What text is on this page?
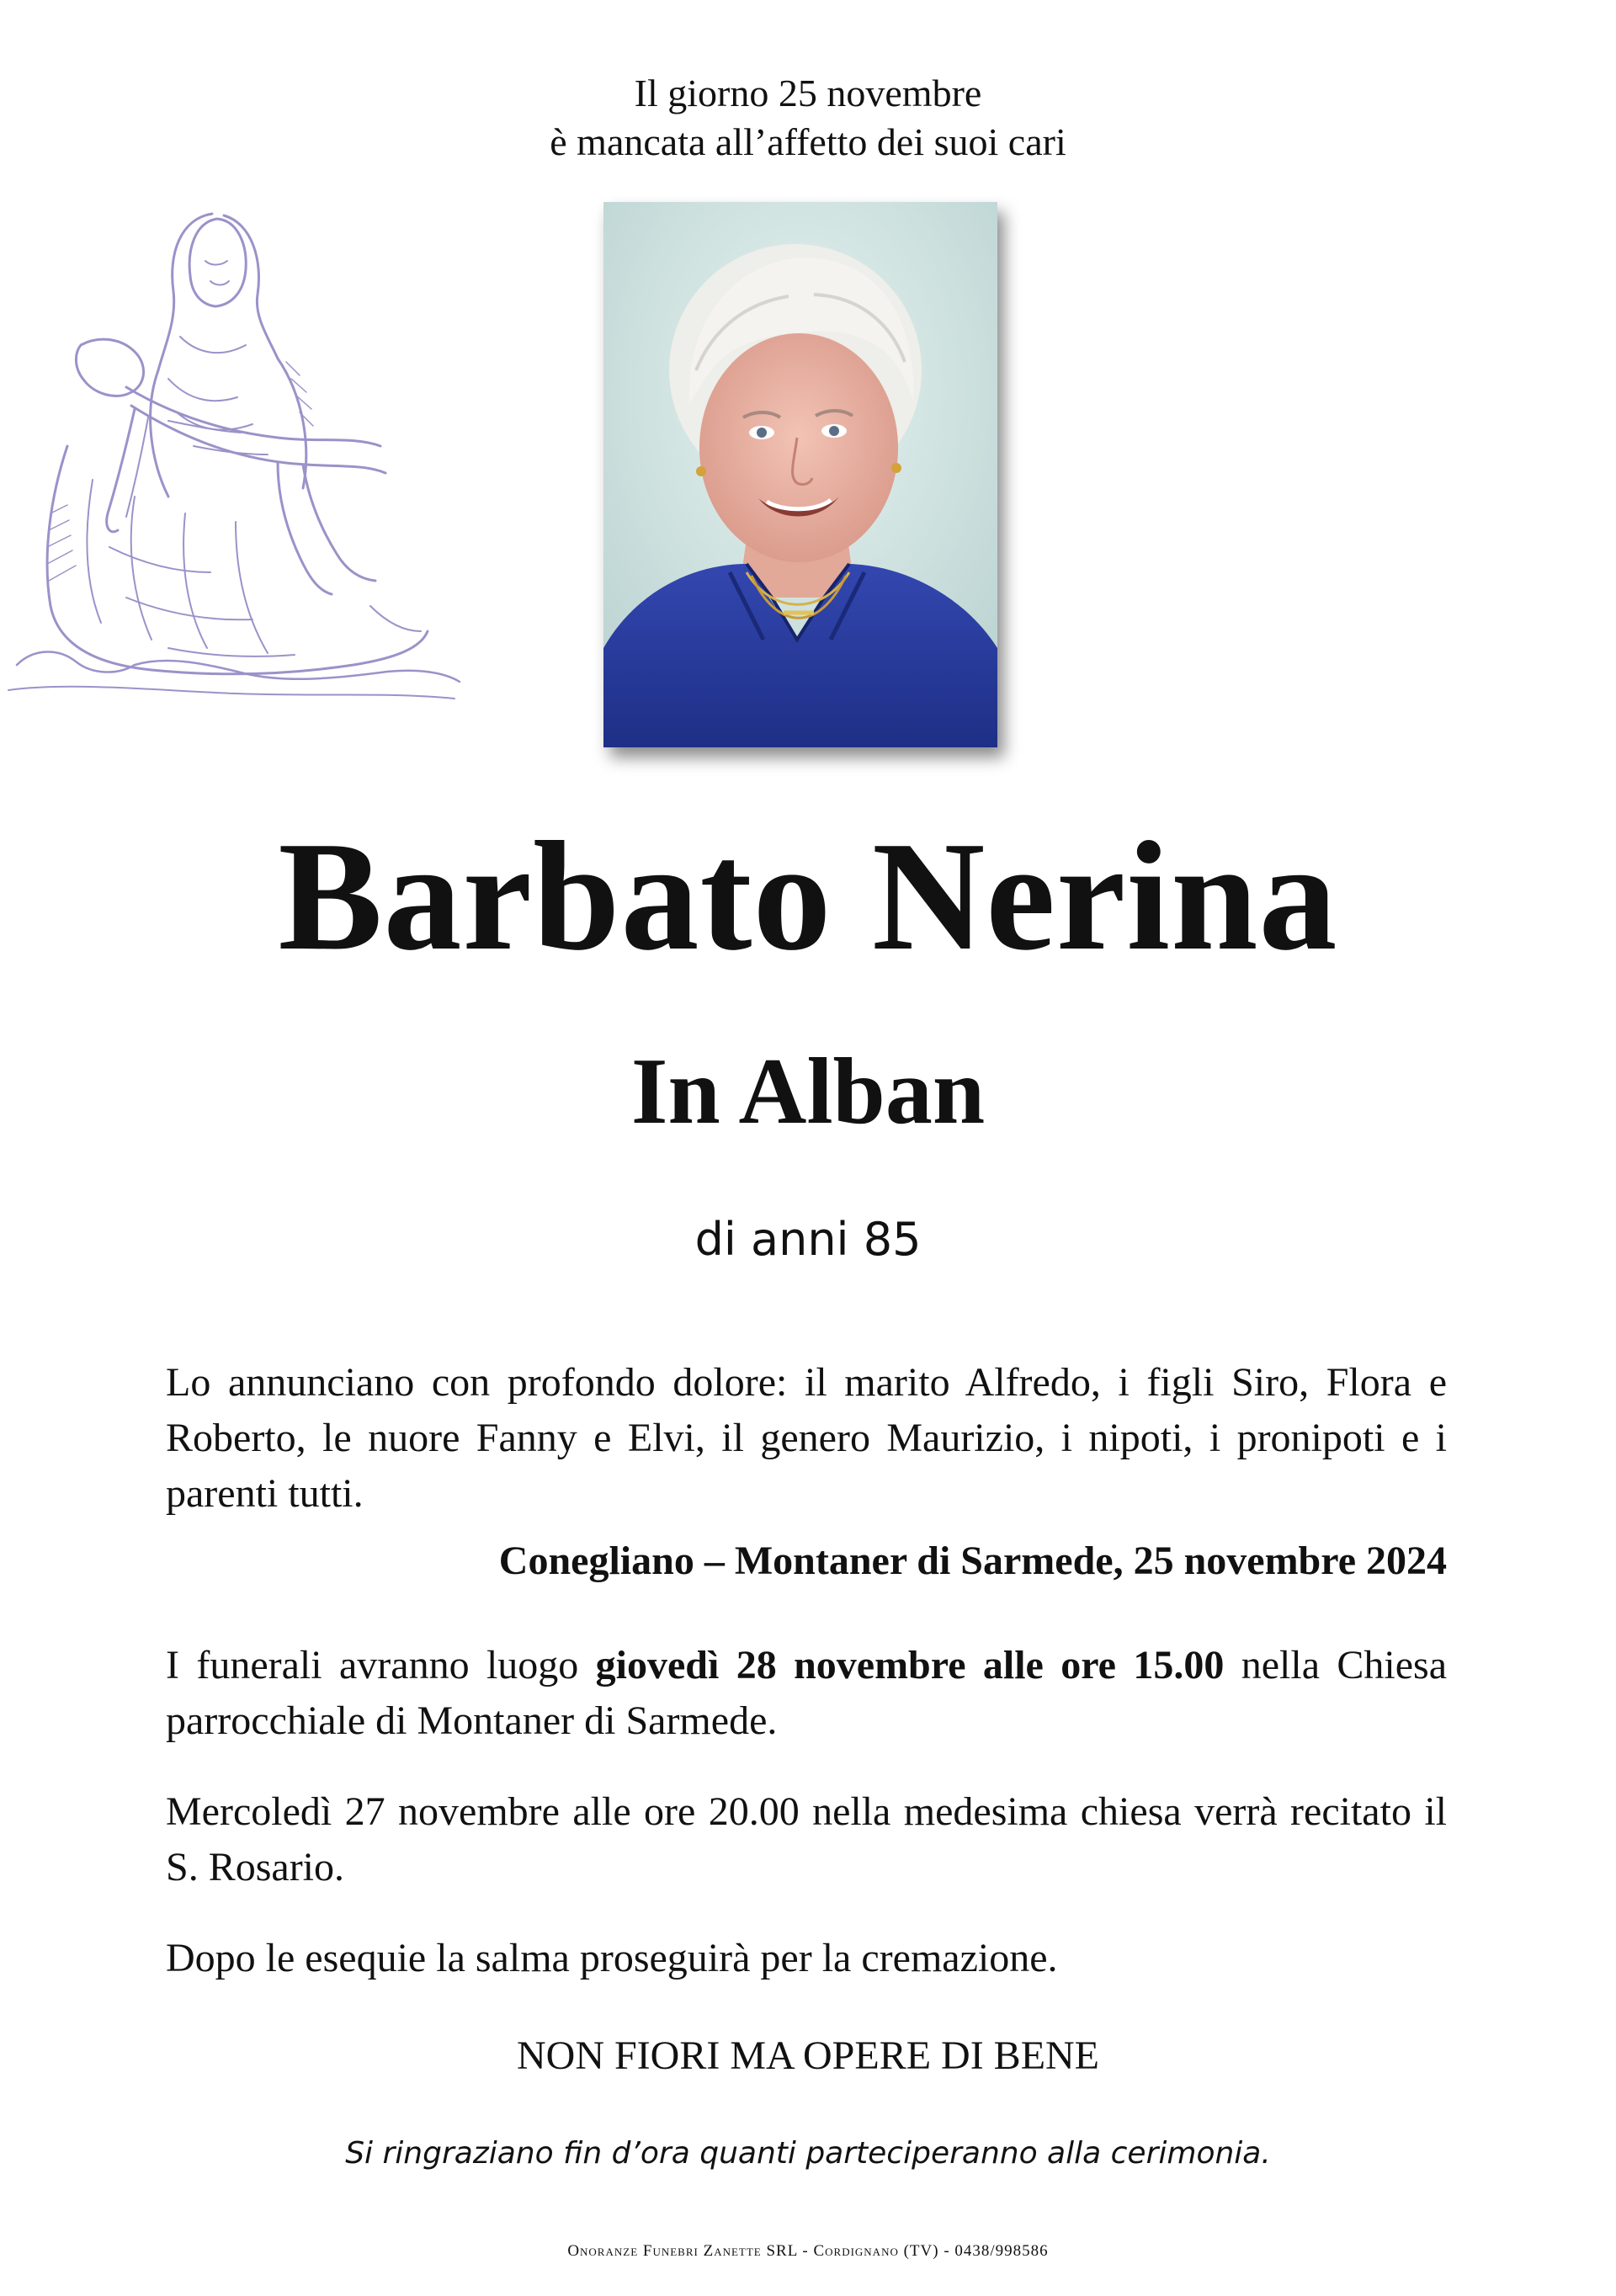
Il giorno 25 novembre
è mancata all’affetto dei suoi cari
Barbato Nerina
In Alban
di anni 85
Lo annunciano con profondo dolore: il marito Alfredo, i figli Siro, Flora e Roberto, le nuore Fanny e Elvi, il genero Maurizio, i nipoti, i pronipoti e i parenti tutti.
Conegliano – Montaner di Sarmede, 25 novembre 2024
I funerali avranno luogo giovedì 28 novembre alle ore 15.00 nella Chiesa parrocchiale di Montaner di Sarmede.
Mercoledì 27 novembre alle ore 20.00 nella medesima chiesa verrà recitato il S. Rosario.
Dopo le esequie la salma proseguirà per la cremazione.
NON FIORI MA OPERE DI BENE
Si ringraziano fin d’ora quanti parteciperanno alla cerimonia.
Onoranze Funebri Zanette SRL - Cordignano (TV) - 0438/998586
